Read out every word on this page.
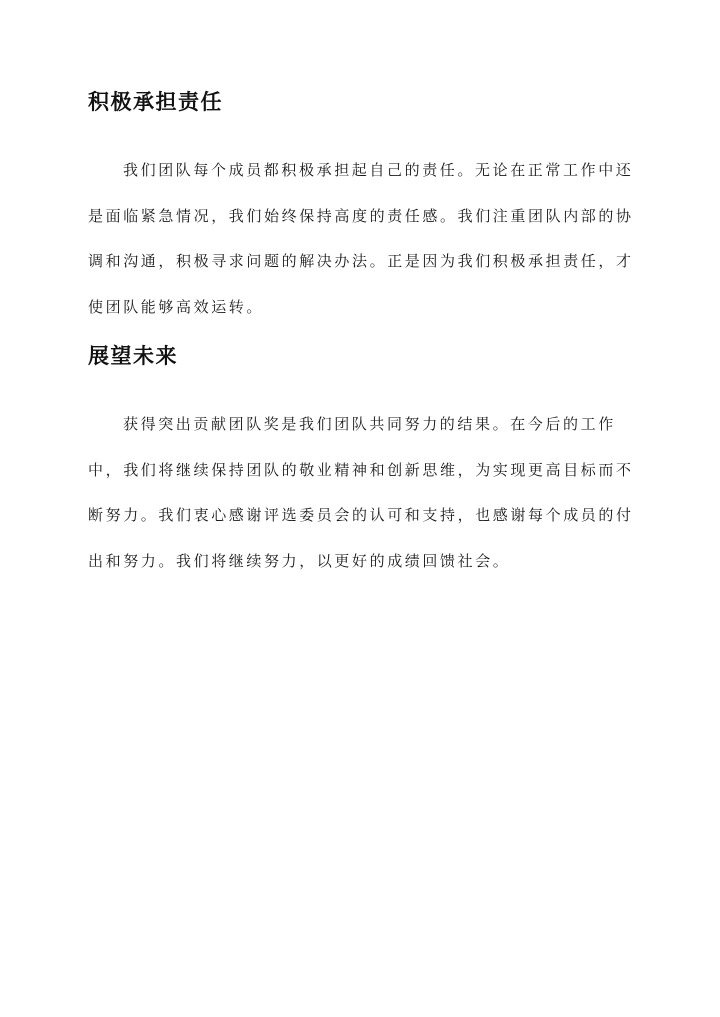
积极承担责任

我们团队每个成员都积极承担起自己的责任。无论在正常工作中还是面临紧急情况，我们始终保持高度的责任感。我们注重团队内部的协调和沟通，积极寻求问题的解决办法。正是因为我们积极承担责任，才使团队能够高效运转。

展望未来

获得突出贡献团队奖是我们团队共同努力的结果。在今后的工作中，我们将继续保持团队的敬业精神和创新思维，为实现更高目标而不断努力。我们衷心感谢评选委员会的认可和支持，也感谢每个成员的付出和努力。我们将继续努力，以更好的成绩回馈社会。
